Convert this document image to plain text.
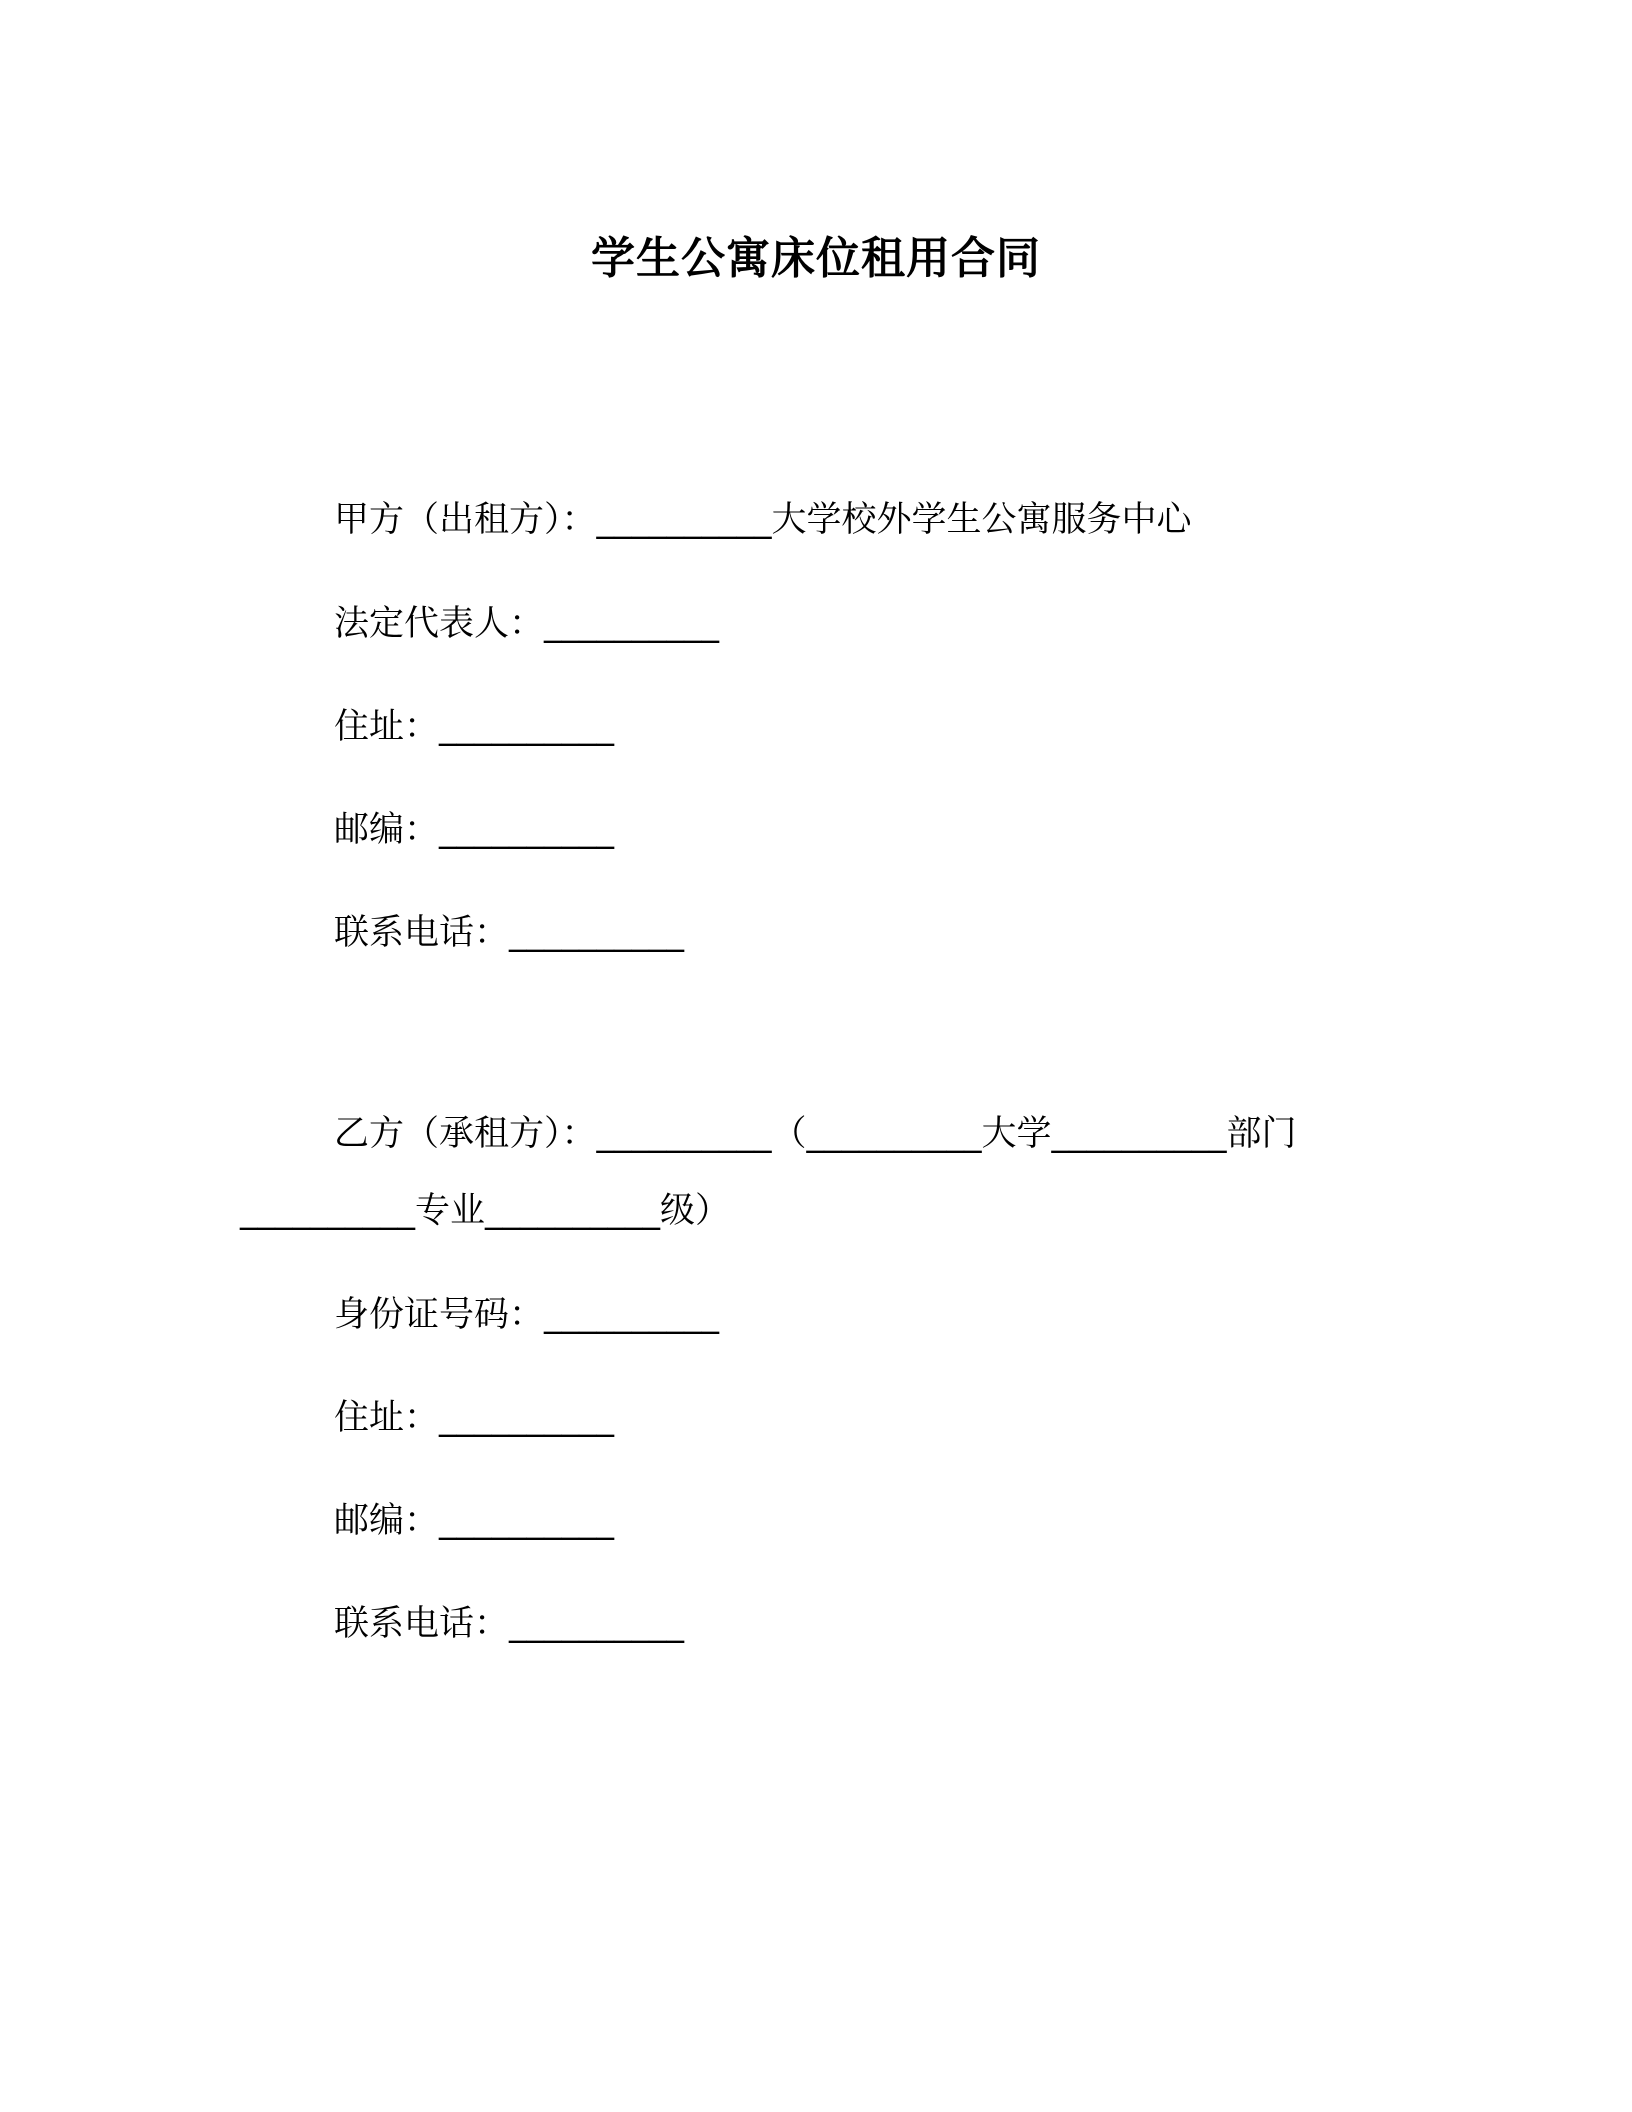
学生公寓床位租用合同

甲方（出租方）：__________大学校外学生公寓服务中心

法定代表人：__________

住址：__________

邮编：__________

联系电话：__________

乙方（承租方）：__________（__________大学__________部门

__________专业__________级）

身份证号码：__________

住址：__________

邮编：__________

联系电话：__________
